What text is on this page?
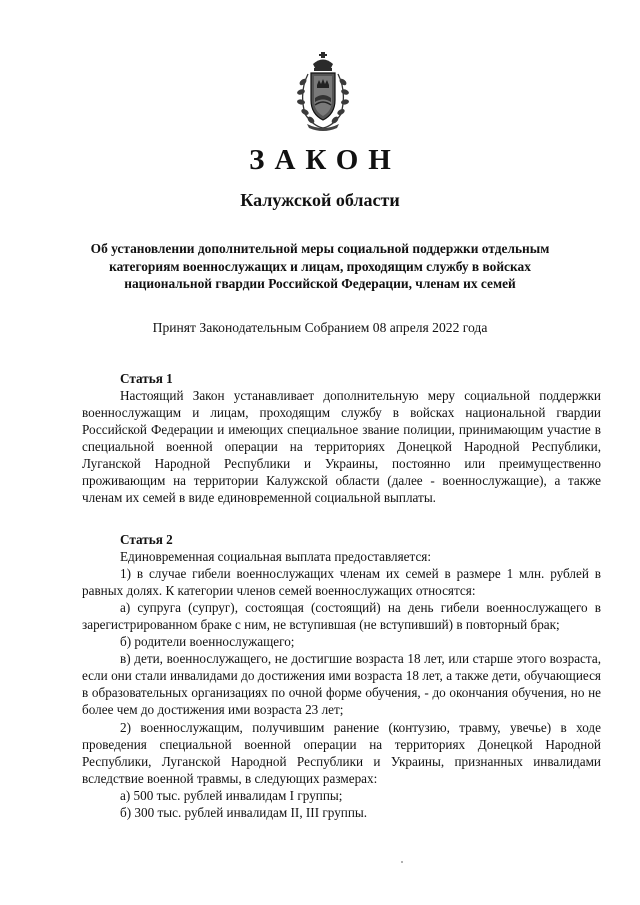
ЗАКОН
Калужской области
Об установлении дополнительной меры социальной поддержки отдельным категориям военнослужащих и лицам, проходящим службу в войсках национальной гвардии Российской Федерации, членам их семей
Принят Законодательным Собранием 08 апреля 2022 года
Статья 1

Настоящий Закон устанавливает дополнительную меру социальной поддержки военнослужащим и лицам, проходящим службу в войсках национальной гвардии Российской Федерации и имеющих специальное звание полиции, принимающим участие в специальной военной операции на территориях Донецкой Народной Республики, Луганской Народной Республики и Украины, постоянно или преимущественно проживающим на территории Калужской области (далее - военнослужащие), а также членам их семей в виде единовременной социальной выплаты.

Статья 2

Единовременная социальная выплата предоставляется:

1) в случае гибели военнослужащих членам их семей в размере 1 млн. рублей в равных долях. К категории членов семей военнослужащих относятся:

а) супруга (супруг), состоящая (состоящий) на день гибели военнослужащего в зарегистрированном браке с ним, не вступившая (не вступивший) в повторный брак;

б) родители военнослужащего;

в) дети, военнослужащего, не достигшие возраста 18 лет, или старше этого возраста, если они стали инвалидами до достижения ими возраста 18 лет, а также дети, обучающиеся в образовательных организациях по очной форме обучения, - до окончания обучения, но не более чем до достижения ими возраста 23 лет;

2) военнослужащим, получившим ранение (контузию, травму, увечье) в ходе проведения специальной военной операции на территориях Донецкой Народной Республики, Луганской Народной Республики и Украины, признанных инвалидами вследствие военной травмы, в следующих размерах:

а) 500 тыс. рублей инвалидам I группы;

б) 300 тыс. рублей инвалидам II, III группы.
